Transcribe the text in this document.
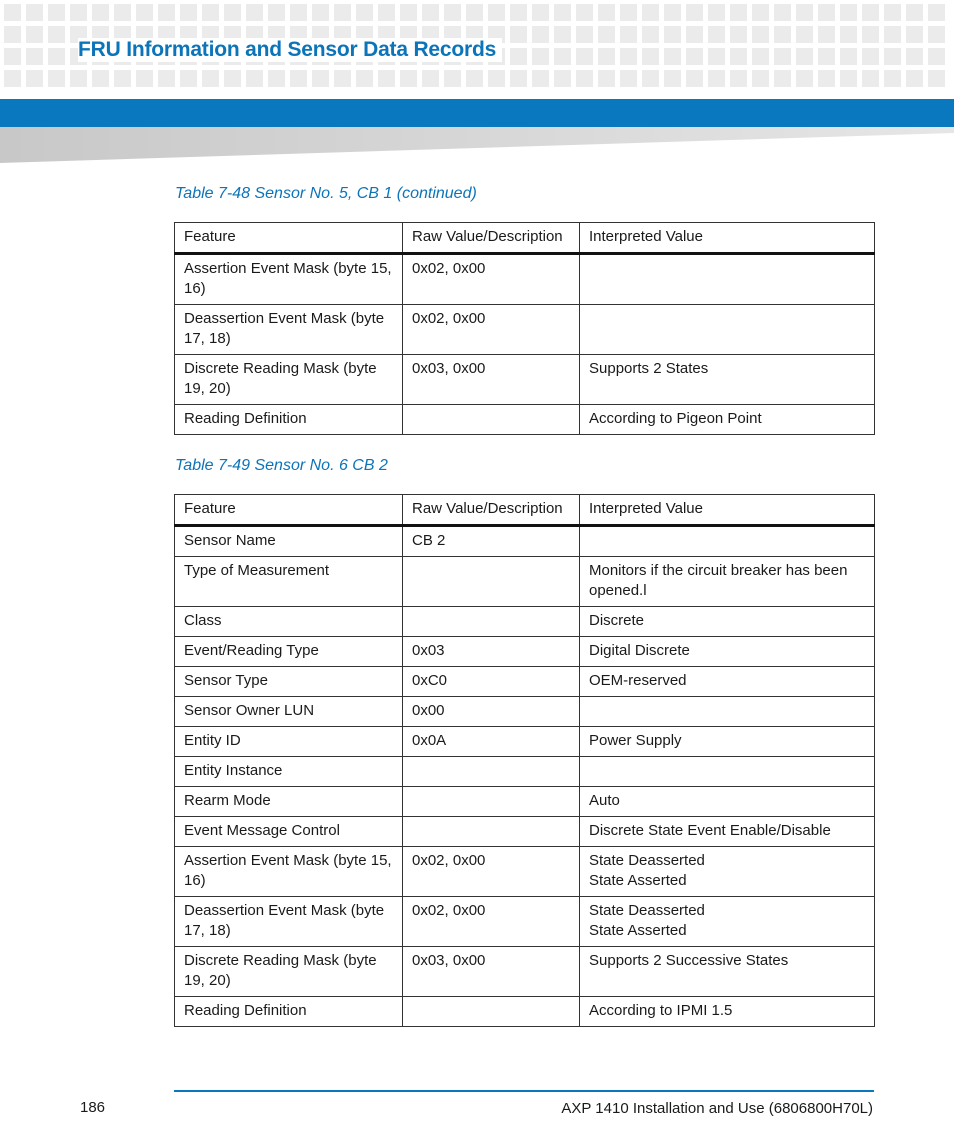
FRU Information and Sensor Data Records

Table 7-48 Sensor No. 5, CB 1 (continued)

Feature	Raw Value/Description	Interpreted Value

Assertion Event Mask (byte 15,
16)	0x02, 0x00	

Deassertion Event Mask (byte
17, 18)	0x02, 0x00	

Discrete Reading Mask (byte
19, 20)	0x03, 0x00	Supports 2 States

Reading Definition		According to Pigeon Point

Table 7-49 Sensor No. 6 CB 2

Feature	Raw Value/Description	Interpreted Value

Sensor Name	CB 2	

Type of Measurement		Monitors if the circuit breaker has been
opened.l

Class		Discrete

Event/Reading Type	0x03	Digital Discrete

Sensor Type	0xC0	OEM-reserved

Sensor Owner LUN	0x00	

Entity ID	0x0A	Power Supply

Entity Instance		

Rearm Mode		Auto

Event Message Control		Discrete State Event Enable/Disable

Assertion Event Mask (byte 15,
16)	0x02, 0x00	State Deasserted
State Asserted

Deassertion Event Mask (byte
17, 18)	0x02, 0x00	State Deasserted
State Asserted

Discrete Reading Mask (byte
19, 20)	0x03, 0x00	Supports 2 Successive States

Reading Definition		According to IPMI 1.5

186	AXP 1410 Installation and Use (6806800H70L)
